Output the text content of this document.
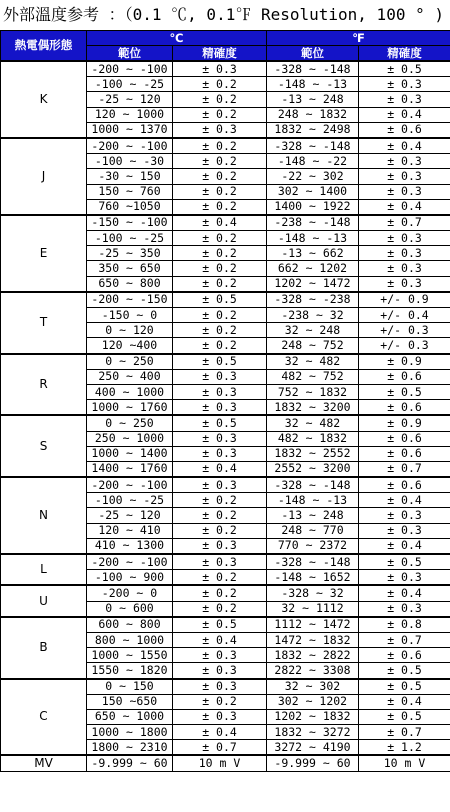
外部溫度参考 ：（0.1 ℃, 0.1℉ Resolution, 100 ° )
熱電偶形態	℃		℉	
	範位	精確度	範位	精確度
K	-200 ~ -100	± 0.3	-328 ~ -148	± 0.5
	-100 ~ -25	± 0.2	-148 ~ -13	± 0.3
	-25 ~ 120	± 0.2	-13 ~ 248	± 0.3
	120 ~ 1000	± 0.2	248 ~ 1832	± 0.4
	1000 ~ 1370	± 0.3	1832 ~ 2498	± 0.6
J	-200 ~ -100	± 0.2	-328 ~ -148	± 0.4
	-100 ~ -30	± 0.2	-148 ~ -22	± 0.3
	-30 ~ 150	± 0.2	-22 ~ 302	± 0.3
	150 ~ 760	± 0.2	302 ~ 1400	± 0.3
	760 ~1050	± 0.2	1400 ~ 1922	± 0.4
E	-150 ~ -100	± 0.4	-238 ~ -148	± 0.7
	-100 ~ -25	± 0.2	-148 ~ -13	± 0.3
	-25 ~ 350	± 0.2	-13 ~ 662	± 0.3
	350 ~ 650	± 0.2	662 ~ 1202	± 0.3
	650 ~ 800	± 0.2	1202 ~ 1472	± 0.3
T	-200 ~ -150	± 0.5	-328 ~ -238	+/- 0.9
	-150 ~ 0	± 0.2	-238 ~ 32	+/- 0.4
	0 ~ 120	± 0.2	32 ~ 248	+/- 0.3
	120 ~400	± 0.2	248 ~ 752	+/- 0.3
R	0 ~ 250	± 0.5	32 ~ 482	± 0.9
	250 ~ 400	± 0.3	482 ~ 752	± 0.6
	400 ~ 1000	± 0.3	752 ~ 1832	± 0.5
	1000 ~ 1760	± 0.3	1832 ~ 3200	± 0.6
S	0 ~ 250	± 0.5	32 ~ 482	± 0.9
	250 ~ 1000	± 0.3	482 ~ 1832	± 0.6
	1000 ~ 1400	± 0.3	1832 ~ 2552	± 0.6
	1400 ~ 1760	± 0.4	2552 ~ 3200	± 0.7
N	-200 ~ -100	± 0.3	-328 ~ -148	± 0.6
	-100 ~ -25	± 0.2	-148 ~ -13	± 0.4
	-25 ~ 120	± 0.2	-13 ~ 248	± 0.3
	120 ~ 410	± 0.2	248 ~ 770	± 0.3
	410 ~ 1300	± 0.3	770 ~ 2372	± 0.4
L	-200 ~ -100	± 0.3	-328 ~ -148	± 0.5
	-100 ~ 900	± 0.2	-148 ~ 1652	± 0.3
U	-200 ~ 0	± 0.2	-328 ~ 32	± 0.4
	0 ~ 600	± 0.2	32 ~ 1112	± 0.3
B	600 ~ 800	± 0.5	1112 ~ 1472	± 0.8
	800 ~ 1000	± 0.4	1472 ~ 1832	± 0.7
	1000 ~ 1550	± 0.3	1832 ~ 2822	± 0.6
	1550 ~ 1820	± 0.3	2822 ~ 3308	± 0.5
C	0 ~ 150	± 0.3	32 ~ 302	± 0.5
	150 ~650	± 0.2	302 ~ 1202	± 0.4
	650 ~ 1000	± 0.3	1202 ~ 1832	± 0.5
	1000 ~ 1800	± 0.4	1832 ~ 3272	± 0.7
	1800 ~ 2310	± 0.7	3272 ~ 4190	± 1.2
MV	-9.999 ~ 60	10 m V	-9.999 ~ 60	10 m V
